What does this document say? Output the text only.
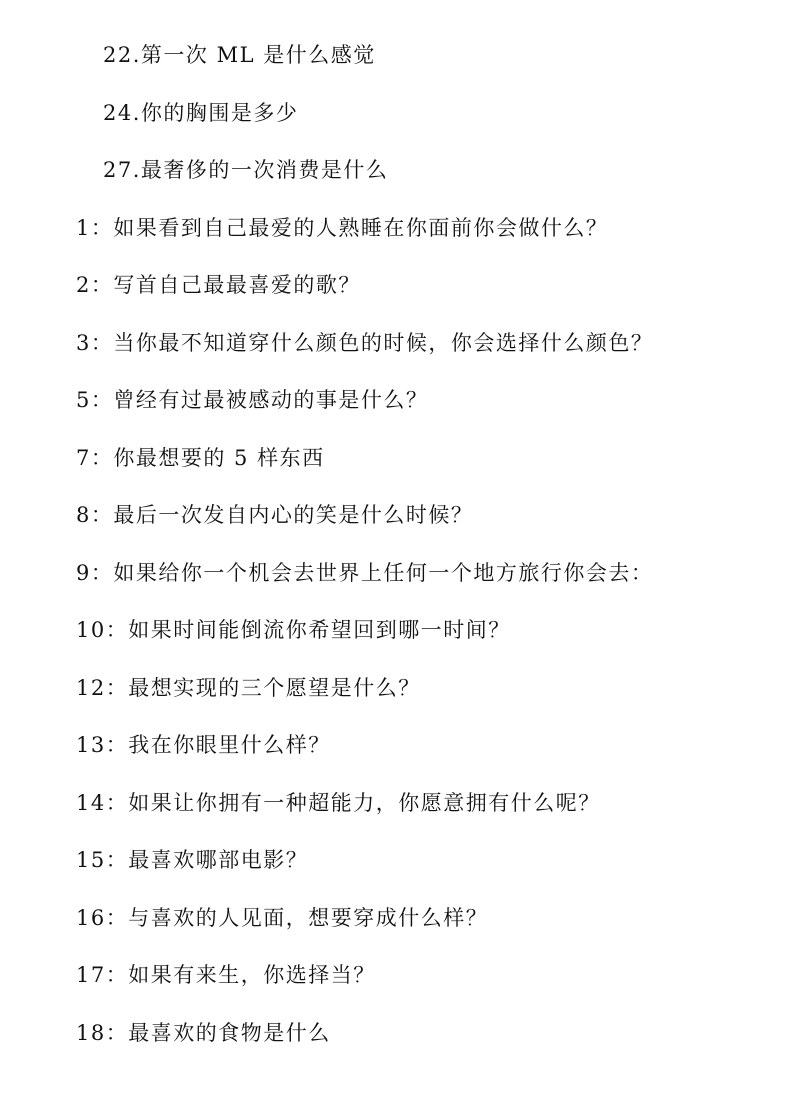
22.第一次 ML 是什么感觉
24.你的胸围是多少
27.最奢侈的一次消费是什么
1：如果看到自己最爱的人熟睡在你面前你会做什么？
2：写首自己最最喜爱的歌？
3：当你最不知道穿什么颜色的时候，你会选择什么颜色？
5：曾经有过最被感动的事是什么？
7：你最想要的 5 样东西
8：最后一次发自内心的笑是什么时候？
9：如果给你一个机会去世界上任何一个地方旅行你会去：
10：如果时间能倒流你希望回到哪一时间？
12：最想实现的三个愿望是什么？
13：我在你眼里什么样？
14：如果让你拥有一种超能力，你愿意拥有什么呢？
15：最喜欢哪部电影？
16：与喜欢的人见面，想要穿成什么样？
17：如果有来生，你选择当？
18：最喜欢的食物是什么
